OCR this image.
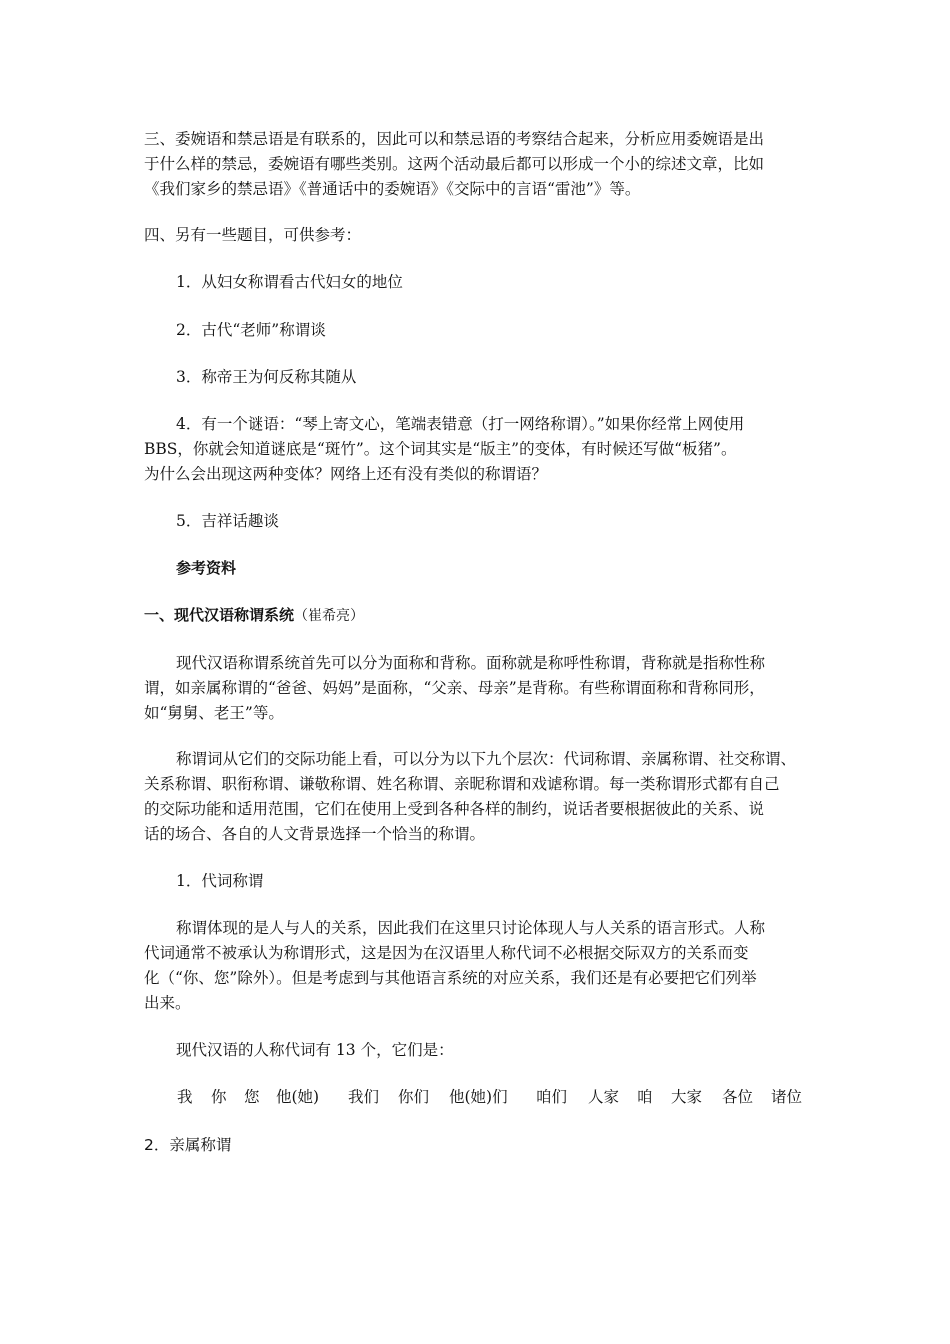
三、委婉语和禁忌语是有联系的，因此可以和禁忌语的考察结合起来，分析应用委婉语是出
于什么样的禁忌，委婉语有哪些类别。这两个活动最后都可以形成一个小的综述文章，比如
《我们家乡的禁忌语》《普通话中的委婉语》《交际中的言语“雷池”》等。

四、另有一些题目，可供参考：

1．从妇女称谓看古代妇女的地位

2．古代“老师”称谓谈

3．称帝王为何反称其随从

4．有一个谜语：“琴上寄文心，笔端表错意（打一网络称谓）。”如果你经常上网使用
BBS，你就会知道谜底是“斑竹”。这个词其实是“版主”的变体，有时候还写做“板猪”。
为什么会出现这两种变体？网络上还有没有类似的称谓语？

5．吉祥话趣谈

参考资料

一、现代汉语称谓系统（崔希亮）

现代汉语称谓系统首先可以分为面称和背称。面称就是称呼性称谓，背称就是指称性称
谓，如亲属称谓的“爸爸、妈妈”是面称，“父亲、母亲”是背称。有些称谓面称和背称同形，
如“舅舅、老王”等。

称谓词从它们的交际功能上看，可以分为以下九个层次：代词称谓、亲属称谓、社交称谓、
关系称谓、职衔称谓、谦敬称谓、姓名称谓、亲昵称谓和戏谑称谓。每一类称谓形式都有自己
的交际功能和适用范围，它们在使用上受到各种各样的制约，说话者要根据彼此的关系、说
话的场合、各自的人文背景选择一个恰当的称谓。

1．代词称谓

称谓体现的是人与人的关系，因此我们在这里只讨论体现人与人关系的语言形式。人称
代词通常不被承认为称谓形式，这是因为在汉语里人称代词不必根据交际双方的关系而变
化（“你、您”除外）。但是考虑到与其他语言系统的对应关系，我们还是有必要把它们列举
出来。

现代汉语的人称代词有 13 个，它们是：

我 你 您 他(她) 我们 你们 他(她)们 咱们 人家 咱 大家 各位 诸位

2．亲属称谓
